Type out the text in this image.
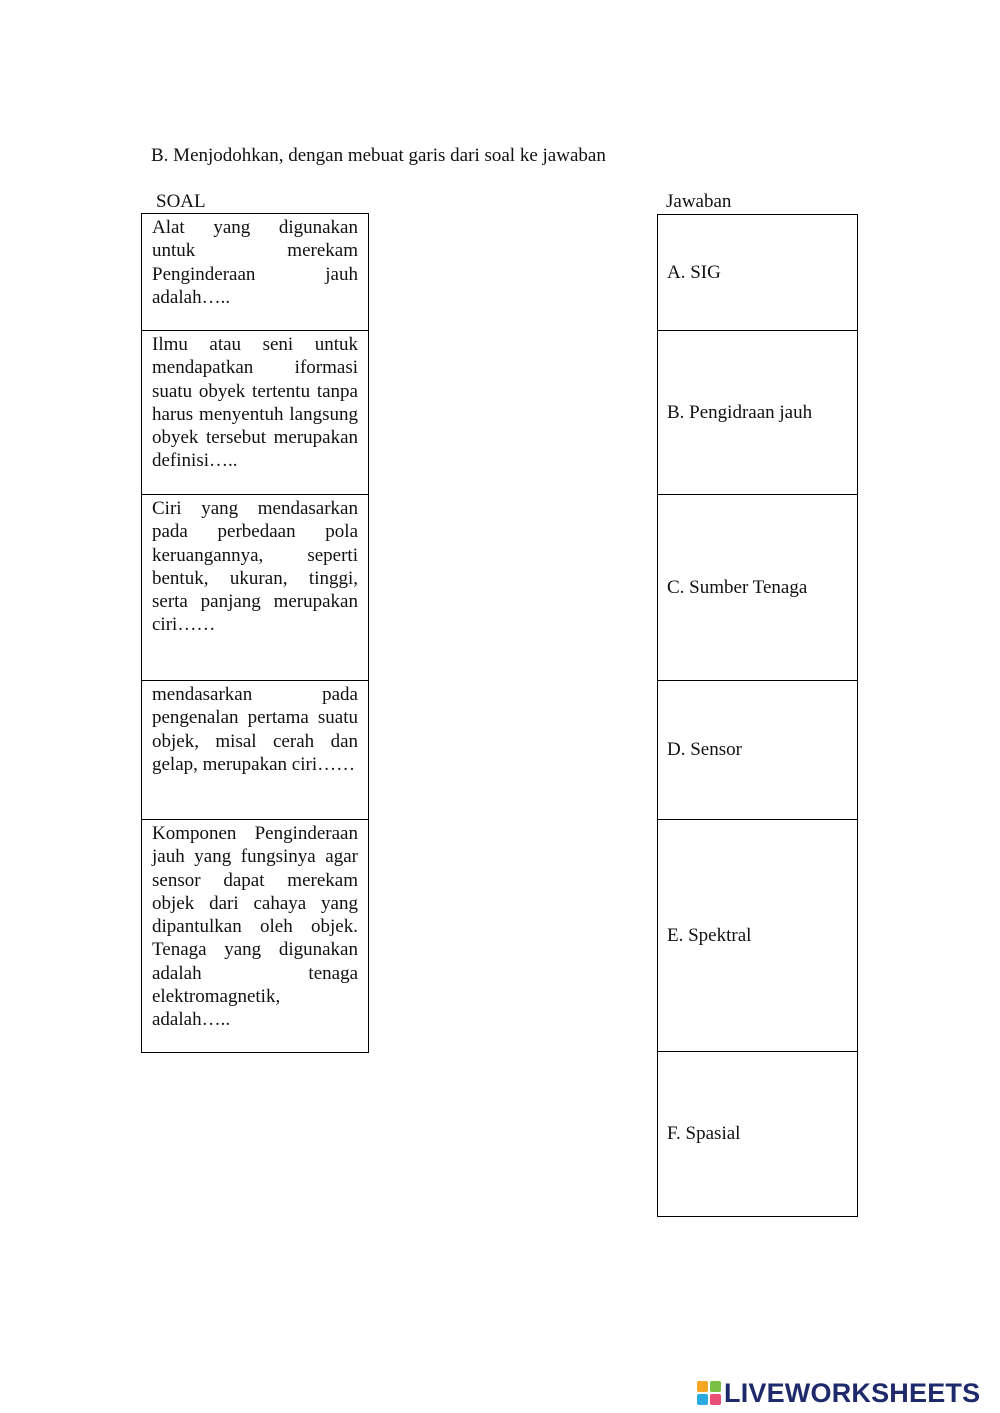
B. Menjodohkan, dengan mebuat garis dari soal ke jawaban
SOAL	Jawaban
Alat yang digunakan untuk merekam Penginderaan jauh adalah…..
Ilmu atau seni untuk mendapatkan iformasi suatu obyek tertentu tanpa harus menyentuh langsung obyek tersebut merupakan definisi…..
Ciri yang mendasarkan pada perbedaan pola keruangannya, seperti bentuk, ukuran, tinggi, serta panjang merupakan ciri……
mendasarkan pada pengenalan pertama suatu objek, misal cerah dan gelap, merupakan ciri……
Komponen Penginderaan jauh yang fungsinya agar sensor dapat merekam objek dari cahaya yang dipantulkan oleh objek. Tenaga yang digunakan adalah tenaga elektromagnetik, adalah…..
A. SIG
B. Pengidraan jauh
C. Sumber Tenaga
D. Sensor
E. Spektral
F. Spasial
LIVEWORKSHEETS
